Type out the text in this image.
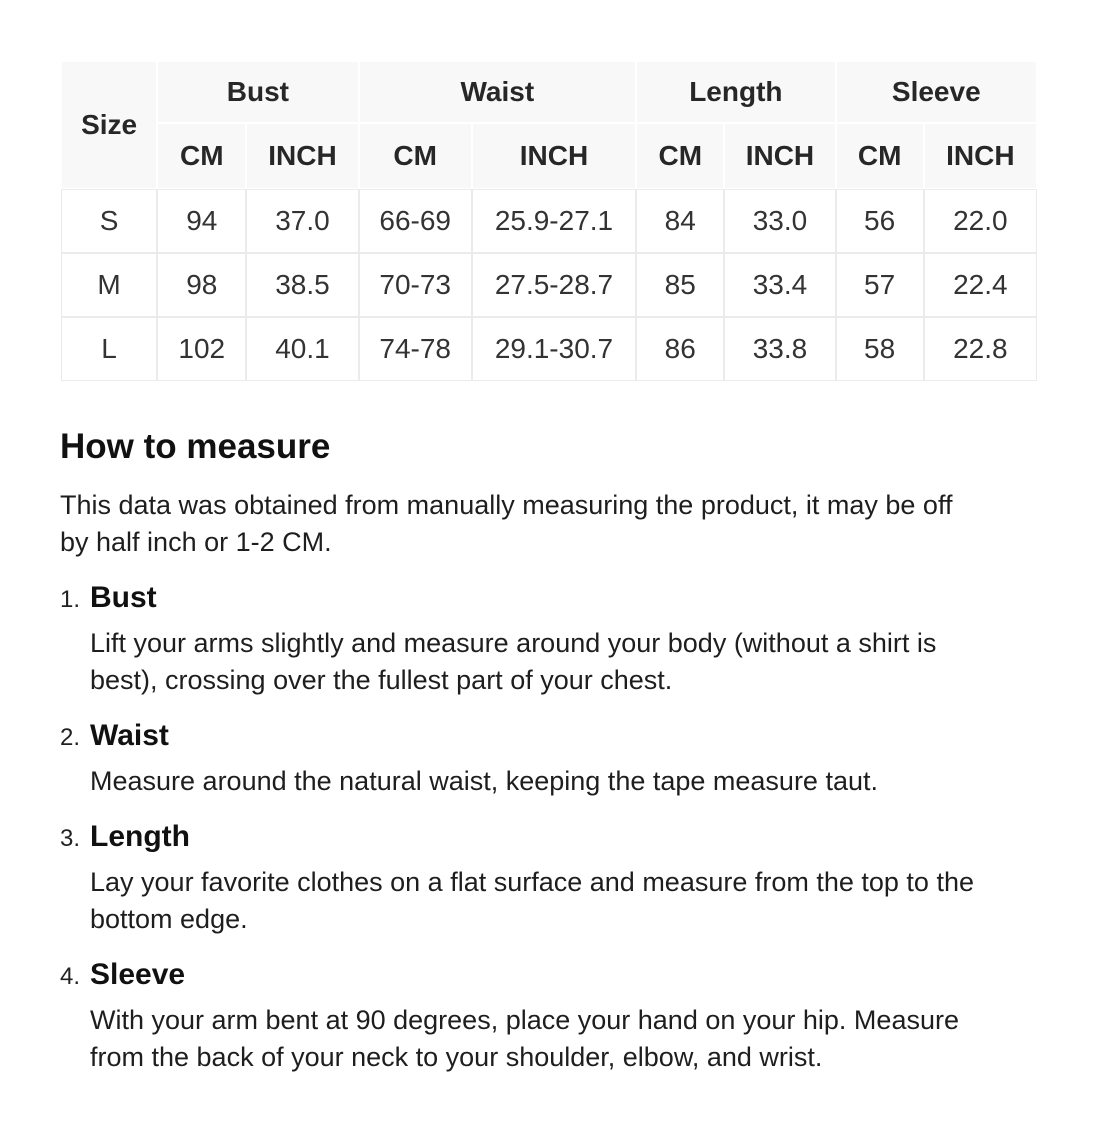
Size	Bust		Waist		Length		Sleeve	
	CM	INCH	CM	INCH	CM	INCH	CM	INCH
S	94	37.0	66-69	25.9-27.1	84	33.0	56	22.0
M	98	38.5	70-73	27.5-28.7	85	33.4	57	22.4
L	102	40.1	74-78	29.1-30.7	86	33.8	58	22.8
How to measure
This data was obtained from manually measuring the product, it may be off
by half inch or 1-2 CM.
1. Bust
Lift your arms slightly and measure around your body (without a shirt is
best), crossing over the fullest part of your chest.
2. Waist
Measure around the natural waist, keeping the tape measure taut.
3. Length
Lay your favorite clothes on a flat surface and measure from the top to the
bottom edge.
4. Sleeve
With your arm bent at 90 degrees, place your hand on your hip. Measure
from the back of your neck to your shoulder, elbow, and wrist.
